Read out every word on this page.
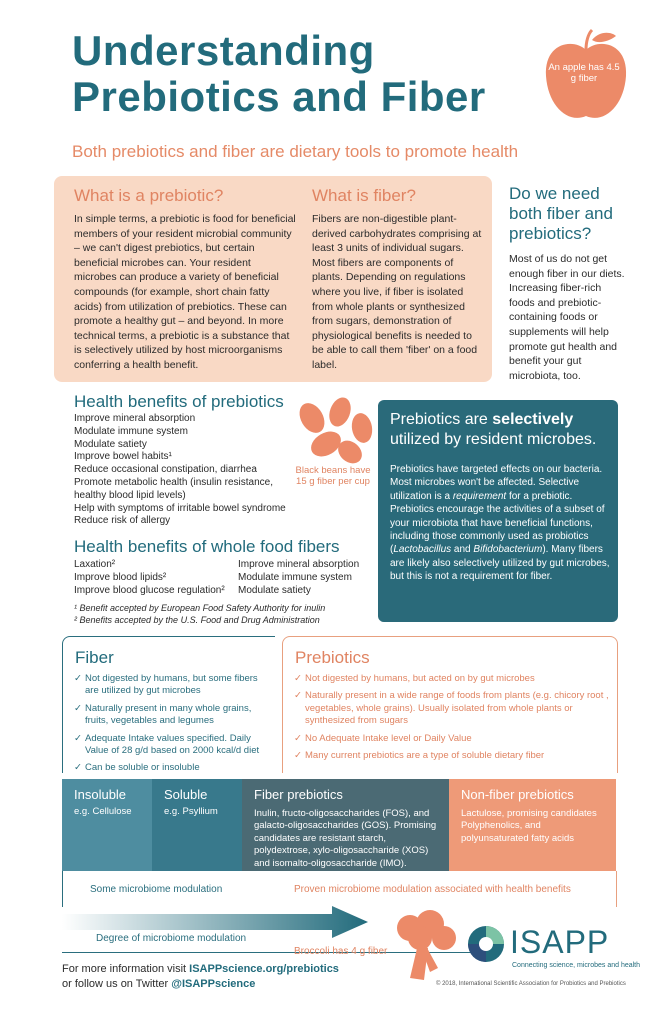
Understanding Prebiotics and Fiber
Both prebiotics and fiber are dietary tools to promote health
An apple has 4.5 g fiber
What is a prebiotic?
In simple terms, a prebiotic is food for beneficial members of your resident microbial community – we can't digest prebiotics, but certain beneficial microbes can. Your resident microbes can produce a variety of beneficial compounds (for example, short chain fatty acids) from utilization of prebiotics. These can promote a healthy gut – and beyond. In more technical terms, a prebiotic is a substance that is selectively utilized by host microorganisms conferring a health benefit.
What is fiber?
Fibers are non-digestible plant-derived carbohydrates comprising at least 3 units of individual sugars. Most fibers are components of plants. Depending on regulations where you live, if fiber is isolated from whole plants or synthesized from sugars, demonstration of physiological benefits is needed to be able to call them 'fiber' on a food label.
Do we need both fiber and prebiotics?
Most of us do not get enough fiber in our diets. Increasing fiber-rich foods and prebiotic-containing foods or supplements will help promote gut health and benefit your gut microbiota, too.
Health benefits of prebiotics
Improve mineral absorption
Modulate immune system
Modulate satiety
Improve bowel habits¹
Reduce occasional constipation, diarrhea
Promote metabolic health (insulin resistance,
healthy blood lipid levels)
Help with symptoms of irritable bowel syndrome
Reduce risk of allergy
Black beans have 15 g fiber per cup
Health benefits of whole food fibers
Laxation²
Improve blood lipids²
Improve blood glucose regulation²
Improve mineral absorption
Modulate immune system
Modulate satiety
¹ Benefit accepted by European Food Safety Authority for inulin
² Benefits accepted by the U.S. Food and Drug Administration
Prebiotics are selectively utilized by resident microbes.
Prebiotics have targeted effects on our bacteria. Most microbes won't be affected. Selective utilization is a requirement for a prebiotic. Prebiotics encourage the activities of a subset of your microbiota that have beneficial functions, including those commonly used as probiotics (Lactobacillus and Bifidobacterium). Many fibers are likely also selectively utilized by gut microbes, but this is not a requirement for fiber.
Fiber	Prebiotics
✓ Not digested by humans, but some fibers are utilized by gut microbes
✓ Naturally present in many whole grains, fruits, vegetables and legumes
✓ Adequate Intake values specified. Daily Value of 28 g/d based on 2000 kcal/d diet
✓ Can be soluble or insoluble
✓ Not digested by humans, but acted on by gut microbes
✓ Naturally present in a wide range of foods from plants (e.g. chicory root , vegetables, whole grains). Usually isolated from whole plants or synthesized from sugars
✓ No Adequate Intake level or Daily Value
✓ Many current prebiotics are a type of soluble dietary fiber
Insoluble
e.g. Cellulose
Soluble
e.g. Psyllium
Fiber prebiotics
Inulin, fructo-oligosaccharides (FOS), and galacto-oligosaccharides (GOS). Promising candidates are resistant starch, polydextrose, xylo-oligosaccharide (XOS) and isomalto-oligosaccharide (IMO).
Non-fiber prebiotics
Lactulose, promising candidates Polyphenolics, and polyunsaturated fatty acids
Some microbiome modulation	Proven microbiome modulation associated with health benefits
Degree of microbiome modulation
Broccoli has 4 g fiber
For more information visit ISAPPscience.org/prebiotics
or follow us on Twitter @ISAPPscience
ISAPP
Connecting science, microbes and health
© 2018, International Scientific Association for Probiotics and Prebiotics
